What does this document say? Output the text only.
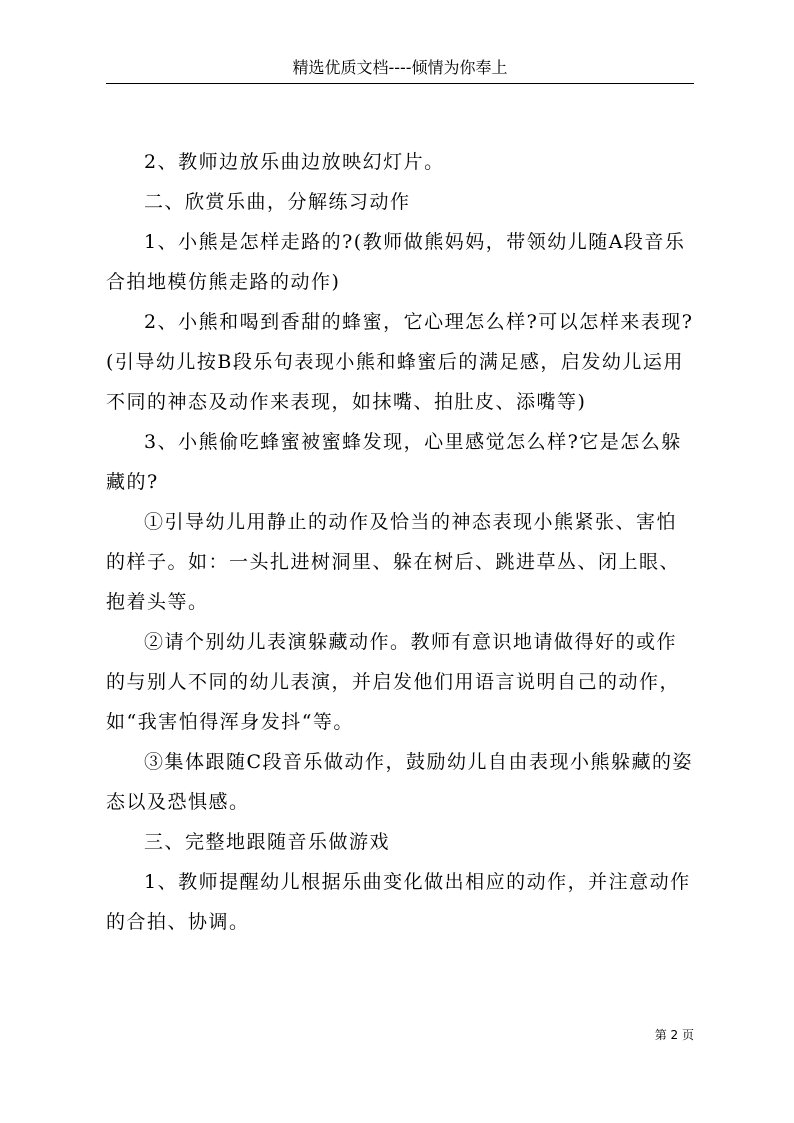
精选优质文档----倾情为你奉上

2、教师边放乐曲边放映幻灯片。

二、欣赏乐曲，分解练习动作

1、小熊是怎样走路的?(教师做熊妈妈，带领幼儿随A段音乐合拍地模仿熊走路的动作)

2、小熊和喝到香甜的蜂蜜，它心理怎么样?可以怎样来表现?(引导幼儿按B段乐句表现小熊和蜂蜜后的满足感，启发幼儿运用不同的神态及动作来表现，如抹嘴、拍肚皮、添嘴等)

3、小熊偷吃蜂蜜被蜜蜂发现，心里感觉怎么样?它是怎么躲藏的?

①引导幼儿用静止的动作及恰当的神态表现小熊紧张、害怕的样子。如：一头扎进树洞里、躲在树后、跳进草丛、闭上眼、抱着头等。

②请个别幼儿表演躲藏动作。教师有意识地请做得好的或作的与别人不同的幼儿表演，并启发他们用语言说明自己的动作，如“我害怕得浑身发抖“等。

③集体跟随C段音乐做动作，鼓励幼儿自由表现小熊躲藏的姿态以及恐惧感。

三、完整地跟随音乐做游戏

1、教师提醒幼儿根据乐曲变化做出相应的动作，并注意动作的合拍、协调。

第 2 页
